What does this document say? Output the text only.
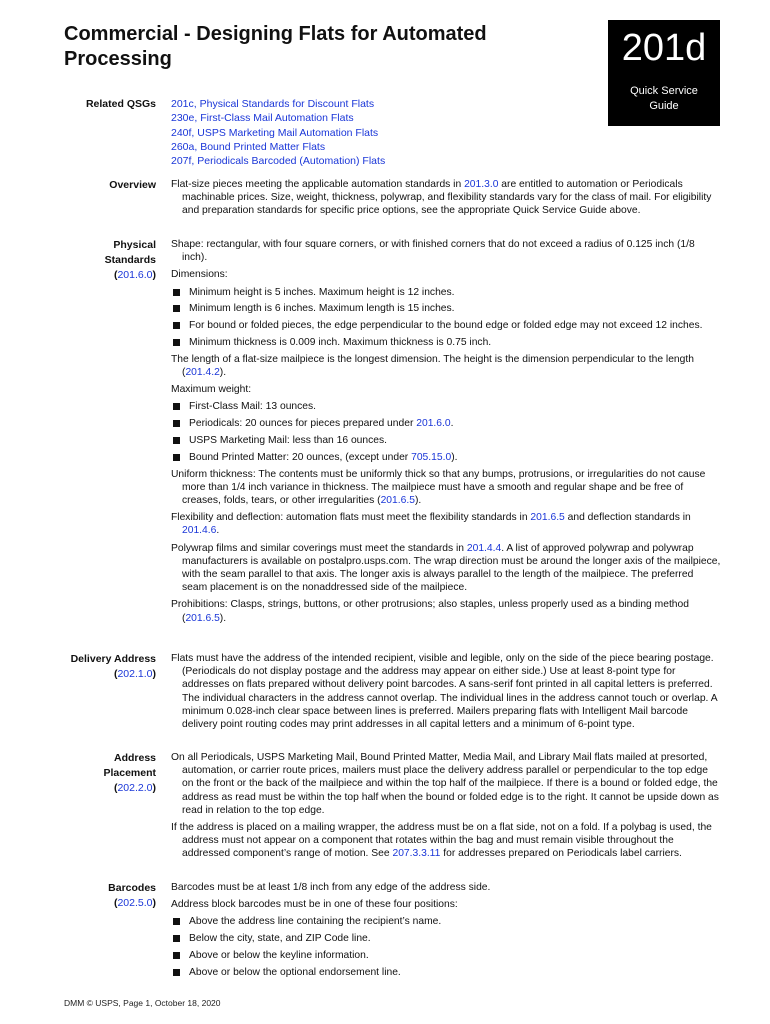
Commercial - Designing Flats for Automated Processing	201d
Quick Service
Guide
Related QSGs 201c, Physical Standards for Discount Flats
230e, First-Class Mail Automation Flats
240f, USPS Marketing Mail Automation Flats
260a, Bound Printed Matter Flats
207f, Periodicals Barcoded (Automation) Flats
Overview Flat-size pieces meeting the applicable automation standards in 201.3.0 are entitled to automation or Periodicals machinable prices. Size, weight, thickness, polywrap, and flexibility standards vary for the class of mail. For eligibility and preparation standards for specific price options, see the appropriate Quick Service Guide above.

Physical
Standards
(201.6.0)

Shape: rectangular, with four square corners, or with finished corners that do not exceed a radius of 0.125 inch (1/8 inch).

Dimensions:

Minimum height is 5 inches. Maximum height is 12 inches.
Minimum length is 6 inches. Maximum length is 15 inches.
For bound or folded pieces, the edge perpendicular to the bound edge or folded edge may not exceed 12 inches.
Minimum thickness is 0.009 inch. Maximum thickness is 0.75 inch.

The length of a flat-size mailpiece is the longest dimension. The height is the dimension perpendicular to the length (201.4.2).

Maximum weight:

First-Class Mail: 13 ounces.
Periodicals: 20 ounces for pieces prepared under 201.6.0.
USPS Marketing Mail: less than 16 ounces.
Bound Printed Matter: 20 ounces, (except under 705.15.0).

Uniform thickness: The contents must be uniformly thick so that any bumps, protrusions, or irregularities do not cause more than 1/4 inch variance in thickness. The mailpiece must have a smooth and regular shape and be free of creases, folds, tears, or other irregularities (201.6.5).

Flexibility and deflection: automation flats must meet the flexibility standards in 201.6.5 and deflection standards in 201.4.6.

Polywrap films and similar coverings must meet the standards in 201.4.4. A list of approved polywrap and polywrap manufacturers is available on postalpro.usps.com. The wrap direction must be around the longer axis of the mailpiece, with the seam parallel to that axis. The longer axis is always parallel to the length of the mailpiece. The preferred seam placement is on the nonaddressed side of the mailpiece.

Prohibitions: Clasps, strings, buttons, or other protrusions; also staples, unless properly used as a binding method (201.6.5).

Delivery Address
(202.1.0)

Flats must have the address of the intended recipient, visible and legible, only on the side of the piece bearing postage. (Periodicals do not display postage and the address may appear on either side.) Use at least 8-point type for addresses on flats prepared without delivery point barcodes. A sans-serif font printed in all capital letters is preferred. The individual characters in the address cannot overlap. The individual lines in the address cannot touch or overlap. A minimum 0.028-inch clear space between lines is preferred. Mailers preparing flats with Intelligent Mail barcode delivery point routing codes may print addresses in all capital letters and a minimum of 6-point type.

Address
Placement
(202.2.0)

On all Periodicals, USPS Marketing Mail, Bound Printed Matter, Media Mail, and Library Mail flats mailed at presorted, automation, or carrier route prices, mailers must place the delivery address parallel or perpendicular to the top edge on the front or the back of the mailpiece and within the top half of the mailpiece. If there is a bound or folded edge, the address as read must be within the top half when the bound or folded edge is to the right. It cannot be upside down as read in relation to the top edge.

If the address is placed on a mailing wrapper, the address must be on a flat side, not on a fold. If a polybag is used, the address must not appear on a component that rotates within the bag and must remain visible throughout the addressed component’s range of motion. See 207.3.3.11 for addresses prepared on Periodicals label carriers.

Barcodes
(202.5.0)

Barcodes must be at least 1/8 inch from any edge of the address side.

Address block barcodes must be in one of these four positions:

Above the address line containing the recipient’s name.
Below the city, state, and ZIP Code line.
Above or below the keyline information.
Above or below the optional endorsement line.
DMM © USPS, Page 1, October 18, 2020
